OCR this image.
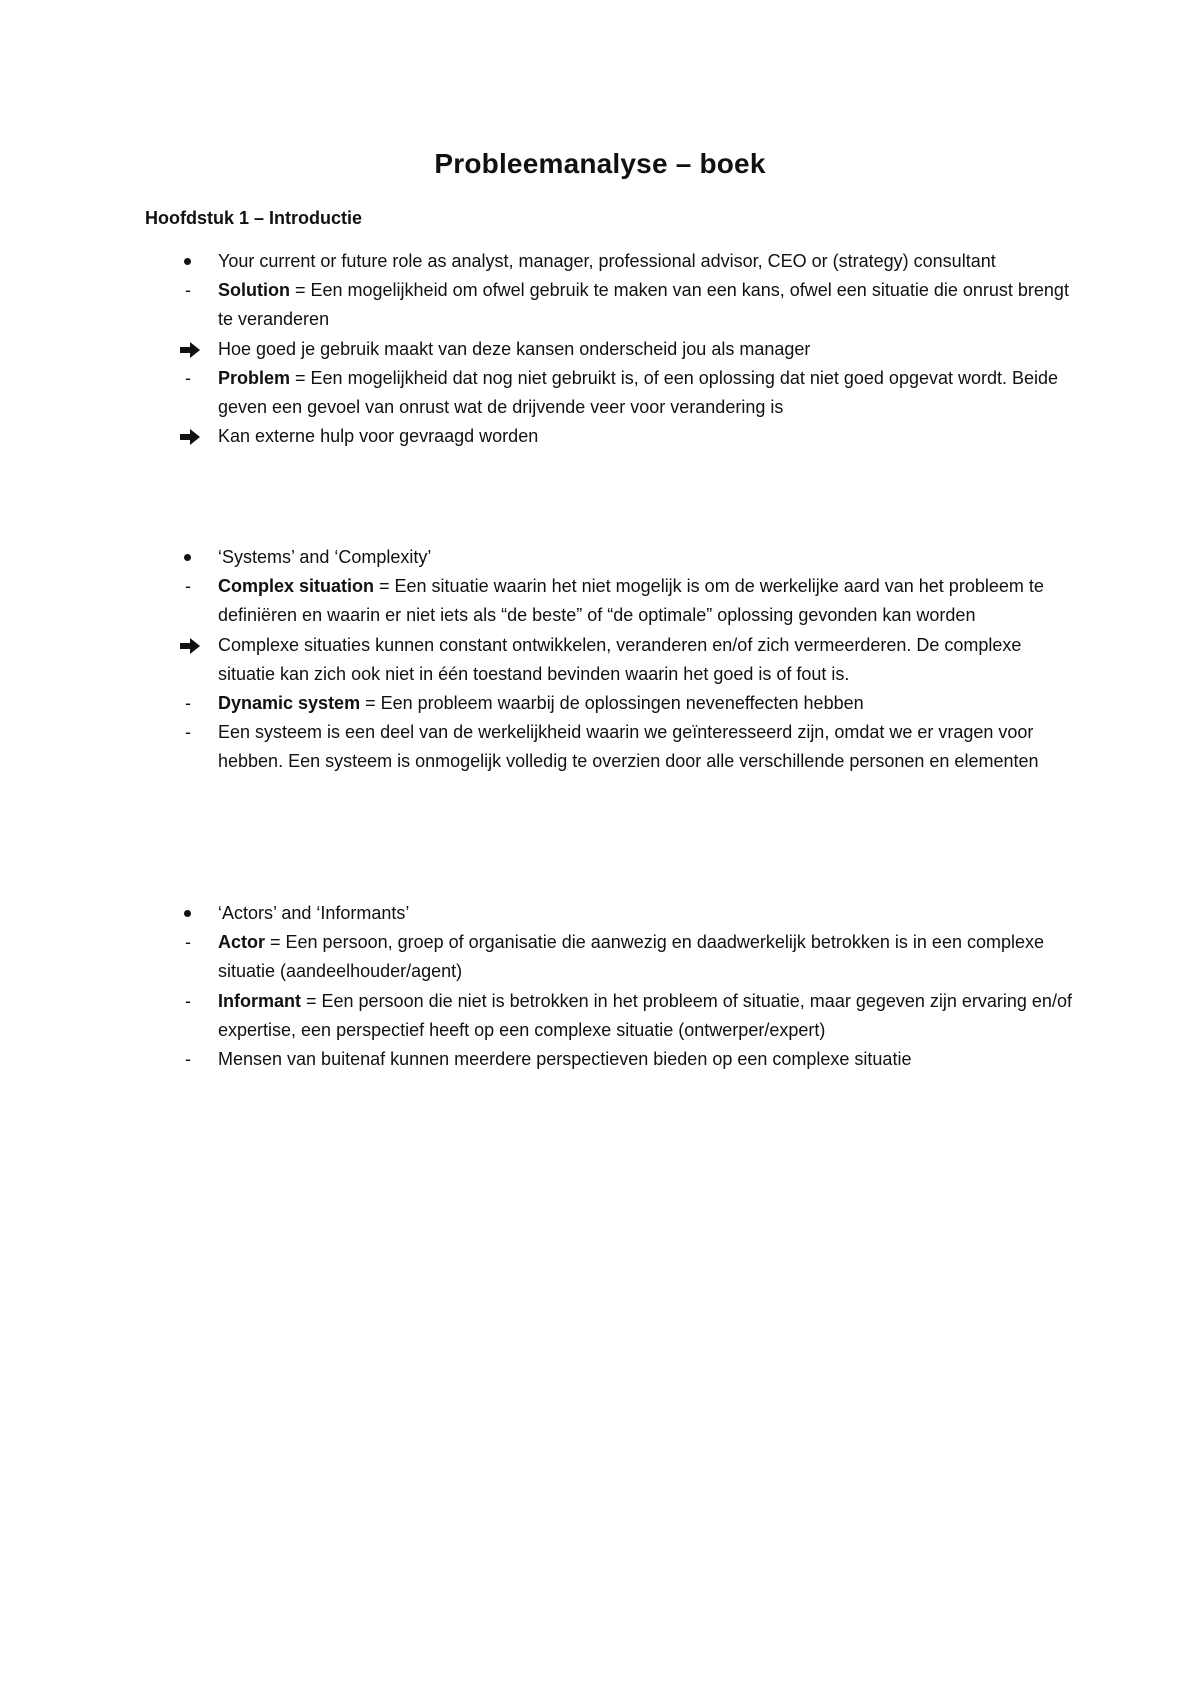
Probleemanalyse – boek
Hoofdstuk 1 – Introductie
Your current or future role as analyst, manager, professional advisor, CEO or (strategy) consultant
-	Solution = Een mogelijkheid om ofwel gebruik te maken van een kans, ofwel een situatie die onrust brengt te veranderen
Hoe goed je gebruik maakt van deze kansen onderscheid jou als manager
-	Problem = Een mogelijkheid dat nog niet gebruikt is, of een oplossing dat niet goed opgevat wordt. Beide geven een gevoel van onrust wat de drijvende veer voor verandering is
Kan externe hulp voor gevraagd worden
‘Systems’ and ‘Complexity’
-	Complex situation = Een situatie waarin het niet mogelijk is om de werkelijke aard van het probleem te definiëren en waarin er niet iets als “de beste” of “de optimale” oplossing gevonden kan worden
Complexe situaties kunnen constant ontwikkelen, veranderen en/of zich vermeerderen. De complexe situatie kan zich ook niet in één toestand bevinden waarin het goed is of fout is.
-	Dynamic system = Een probleem waarbij de oplossingen neveneffecten hebben
-	Een systeem is een deel van de werkelijkheid waarin we geïnteresseerd zijn, omdat we er vragen voor hebben. Een systeem is onmogelijk volledig te overzien door alle verschillende personen en elementen
‘Actors’ and ‘Informants’
-	Actor = Een persoon, groep of organisatie die aanwezig en daadwerkelijk betrokken is in een complexe situatie (aandeelhouder/agent)
-	Informant = Een persoon die niet is betrokken in het probleem of situatie, maar gegeven zijn ervaring en/of expertise, een perspectief heeft op een complexe situatie (ontwerper/expert)
-	Mensen van buitenaf kunnen meerdere perspectieven bieden op een complexe situatie
